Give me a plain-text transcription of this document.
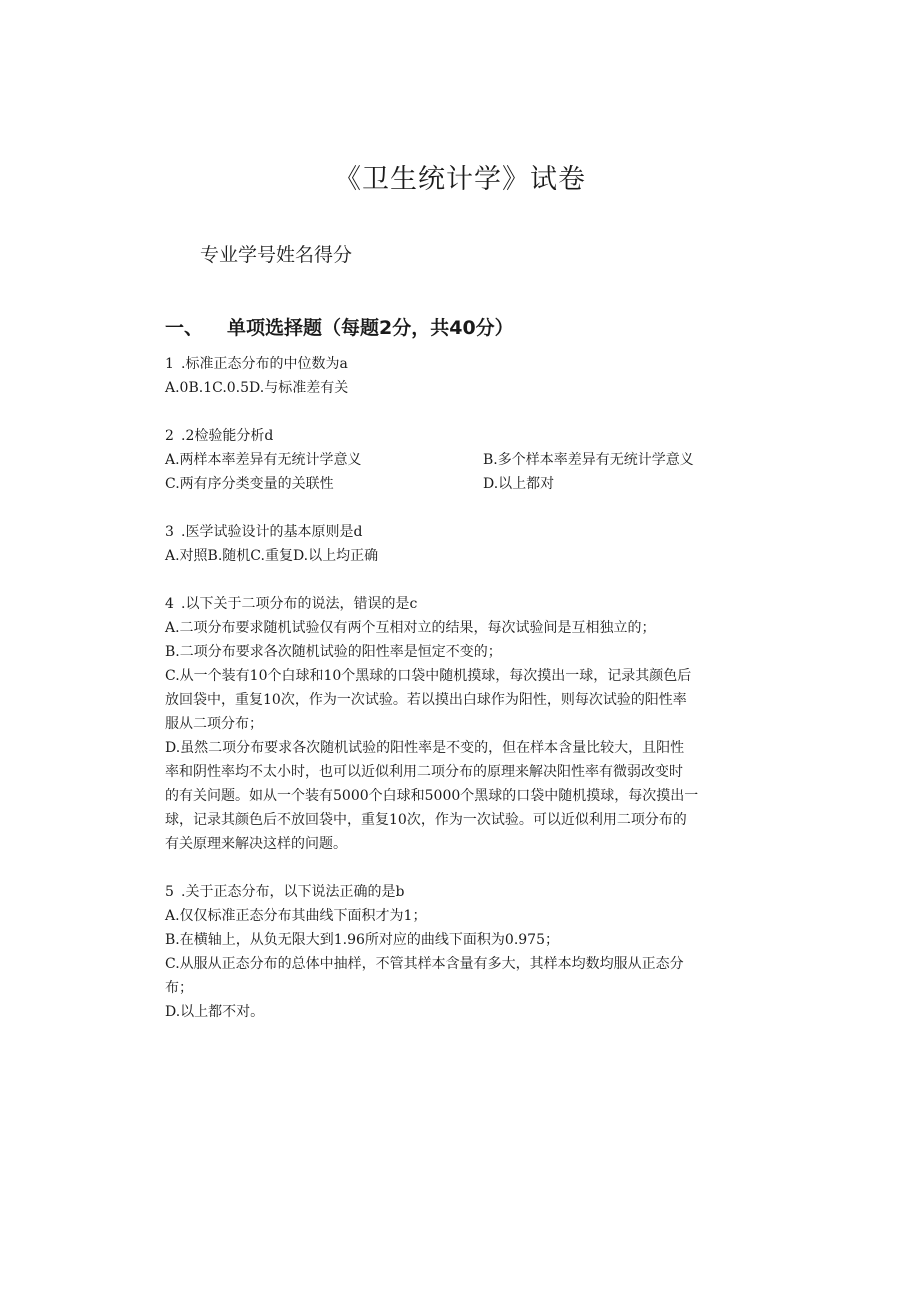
《卫生统计学》试卷
专业学号姓名得分
一、 单项选择题（每题2分，共40分）

1 .标准正态分布的中位数为a

A.0B.1C.0.5D.与标准差有关

2 .2检验能分析d

A.两样本率差异有无统计学意义	B.多个样本率差异有无统计学意义

C.两有序分类变量的关联性	D.以上都对

3 .医学试验设计的基本原则是d

A.对照B.随机C.重复D.以上均正确

4 .以下关于二项分布的说法，错误的是c

A.二项分布要求随机试验仅有两个互相对立的结果，每次试验间是互相独立的；

B.二项分布要求各次随机试验的阳性率是恒定不变的；

C.从一个装有10个白球和10个黑球的口袋中随机摸球，每次摸出一球，记录其颜色后

放回袋中，重复10次，作为一次试验。若以摸出白球作为阳性，则每次试验的阳性率

服从二项分布；

D.虽然二项分布要求各次随机试验的阳性率是不变的，但在样本含量比较大，且阳性

率和阴性率均不太小时，也可以近似利用二项分布的原理来解决阳性率有微弱改变时

的有关问题。如从一个装有5000个白球和5000个黑球的口袋中随机摸球，每次摸出一

球，记录其颜色后不放回袋中，重复10次，作为一次试验。可以近似利用二项分布的

有关原理来解决这样的问题。

5 .关于正态分布，以下说法正确的是b

A.仅仅标准正态分布其曲线下面积才为1；

B.在横轴上，从负无限大到1.96所对应的曲线下面积为0.975；

C.从服从正态分布的总体中抽样，不管其样本含量有多大，其样本均数均服从正态分

布；

D.以上都不对。
